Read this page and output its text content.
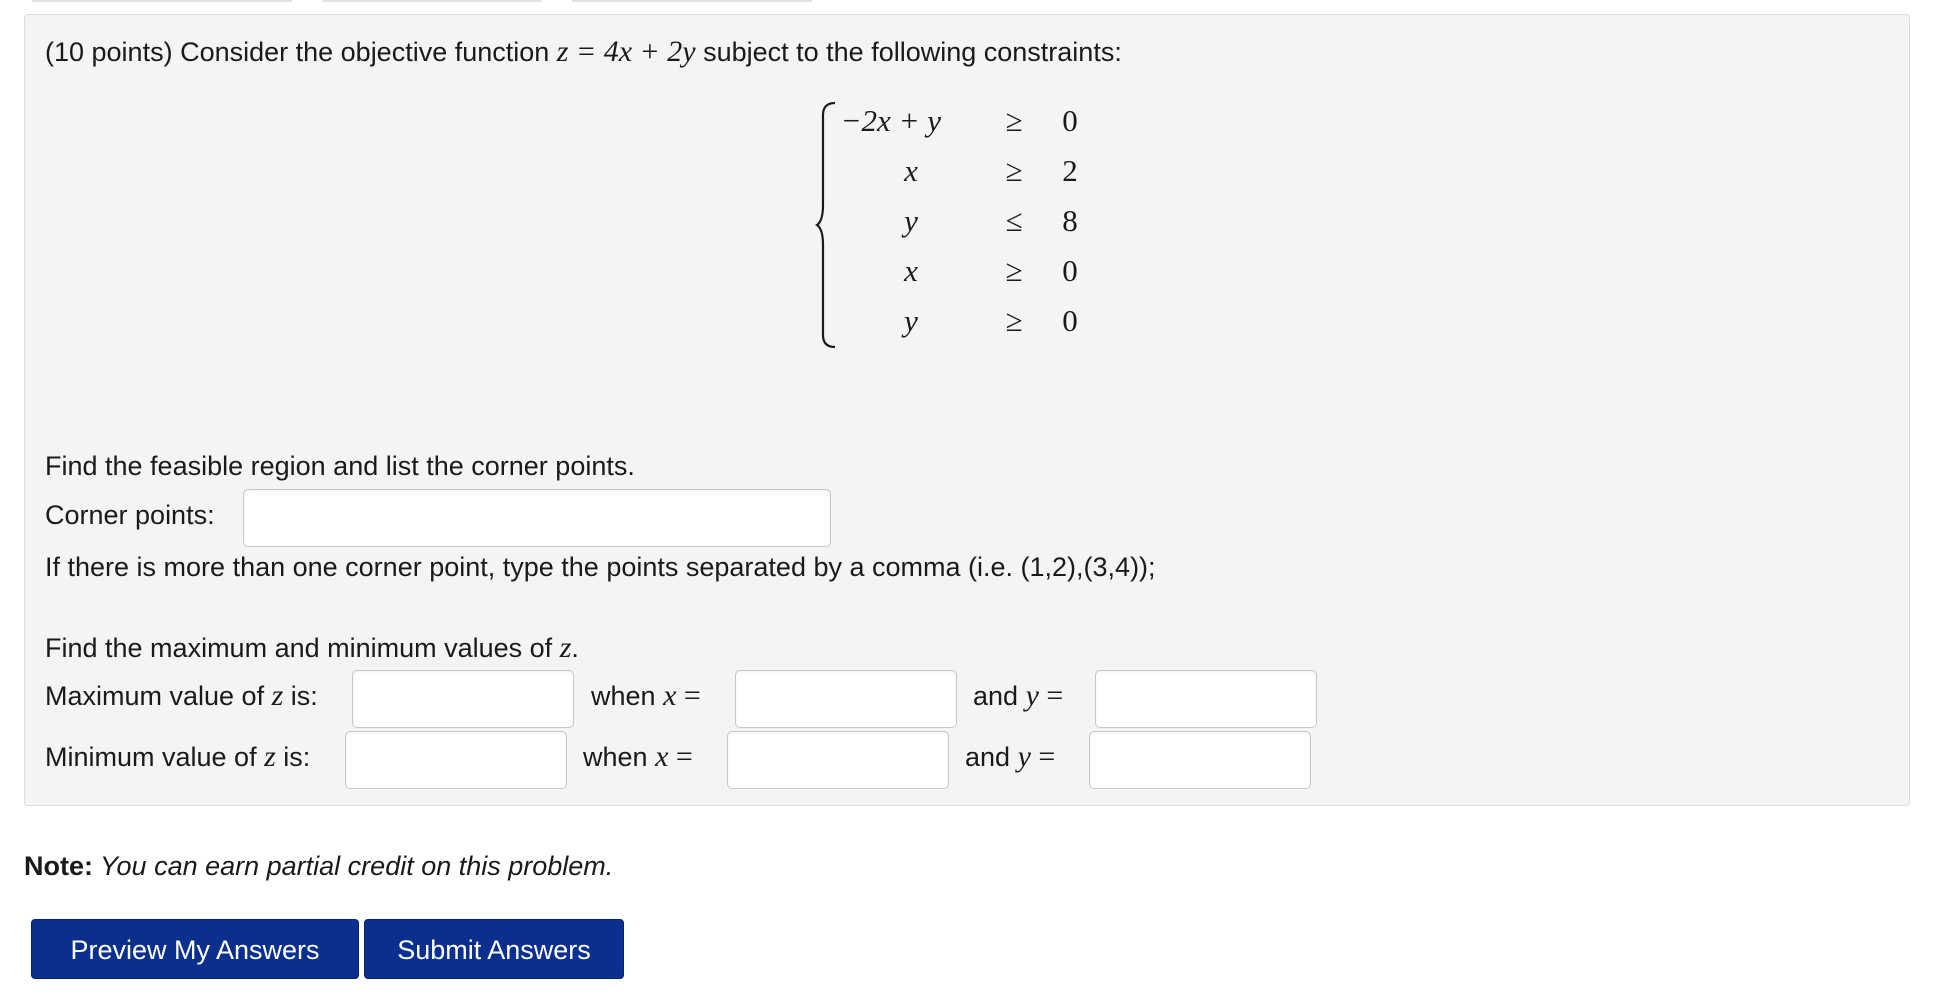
(10 points) Consider the objective function z = 4x + 2y subject to the following constraints:
−2x + y ≥ 0
x	≥ 2
y	≤ 8
x	≥ 0
y	≥ 0
Find the feasible region and list the corner points.
Corner points:
If there is more than one corner point, type the points separated by a comma (i.e. (1,2),(3,4));
Find the maximum and minimum values of z.
Maximum value of z is:	when x =	and y =
Minimum value of z is:	when x =	and y =
Note: You can earn partial credit on this problem.
Preview My Answers	Submit Answers
